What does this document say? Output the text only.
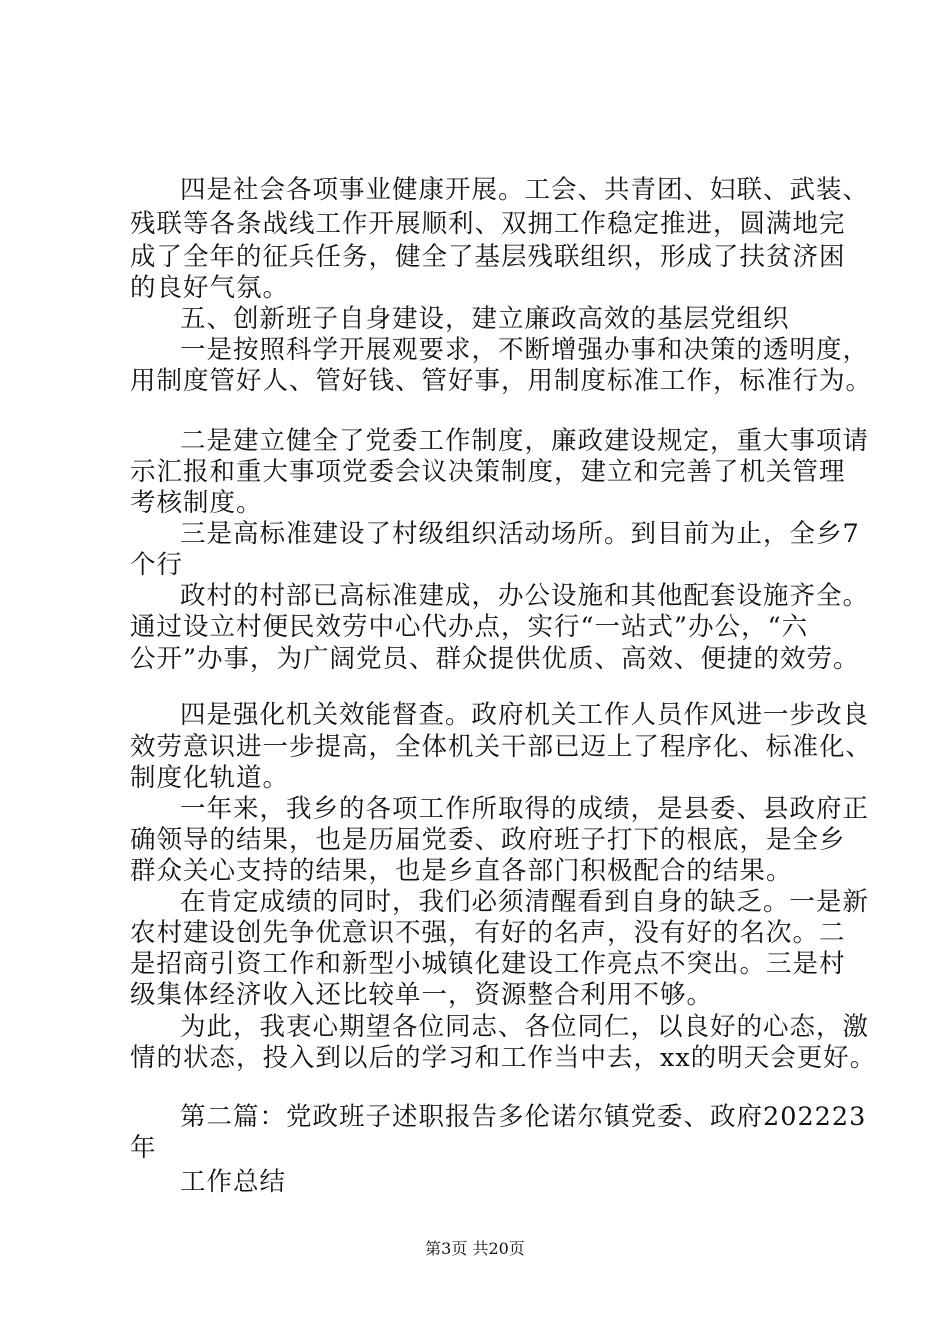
四是社会各项事业健康开展。工会、共青团、妇联、武装、
残联等各条战线工作开展顺利、双拥工作稳定推进，圆满地完
成了全年的征兵任务，健全了基层残联组织，形成了扶贫济困
的良好气氛。
五、创新班子自身建设，建立廉政高效的基层党组织
一是按照科学开展观要求，不断增强办事和决策的透明度，
用制度管好人、管好钱、管好事，用制度标准工作，标准行为。
二是建立健全了党委工作制度，廉政建设规定，重大事项请
示汇报和重大事项党委会议决策制度，建立和完善了机关管理
考核制度。
三是高标准建设了村级组织活动场所。到目前为止，全乡7
个行
政村的村部已高标准建成，办公设施和其他配套设施齐全。
通过设立村便民效劳中心代办点，实行“一站式”办公，“六
公开”办事，为广阔党员、群众提供优质、高效、便捷的效劳。
四是强化机关效能督查。政府机关工作人员作风进一步改良
效劳意识进一步提高，全体机关干部已迈上了程序化、标准化、
制度化轨道。
一年来，我乡的各项工作所取得的成绩，是县委、县政府正
确领导的结果，也是历届党委、政府班子打下的根底，是全乡
群众关心支持的结果，也是乡直各部门积极配合的结果。
在肯定成绩的同时，我们必须清醒看到自身的缺乏。一是新
农村建设创先争优意识不强，有好的名声，没有好的名次。二
是招商引资工作和新型小城镇化建设工作亮点不突出。三是村
级集体经济收入还比较单一，资源整合利用不够。
为此，我衷心期望各位同志、各位同仁，以良好的心态，激
情的状态，投入到以后的学习和工作当中去，xx的明天会更好。
第二篇：党政班子述职报告多伦诺尔镇党委、政府202223
年
工作总结
第3页 共20页
